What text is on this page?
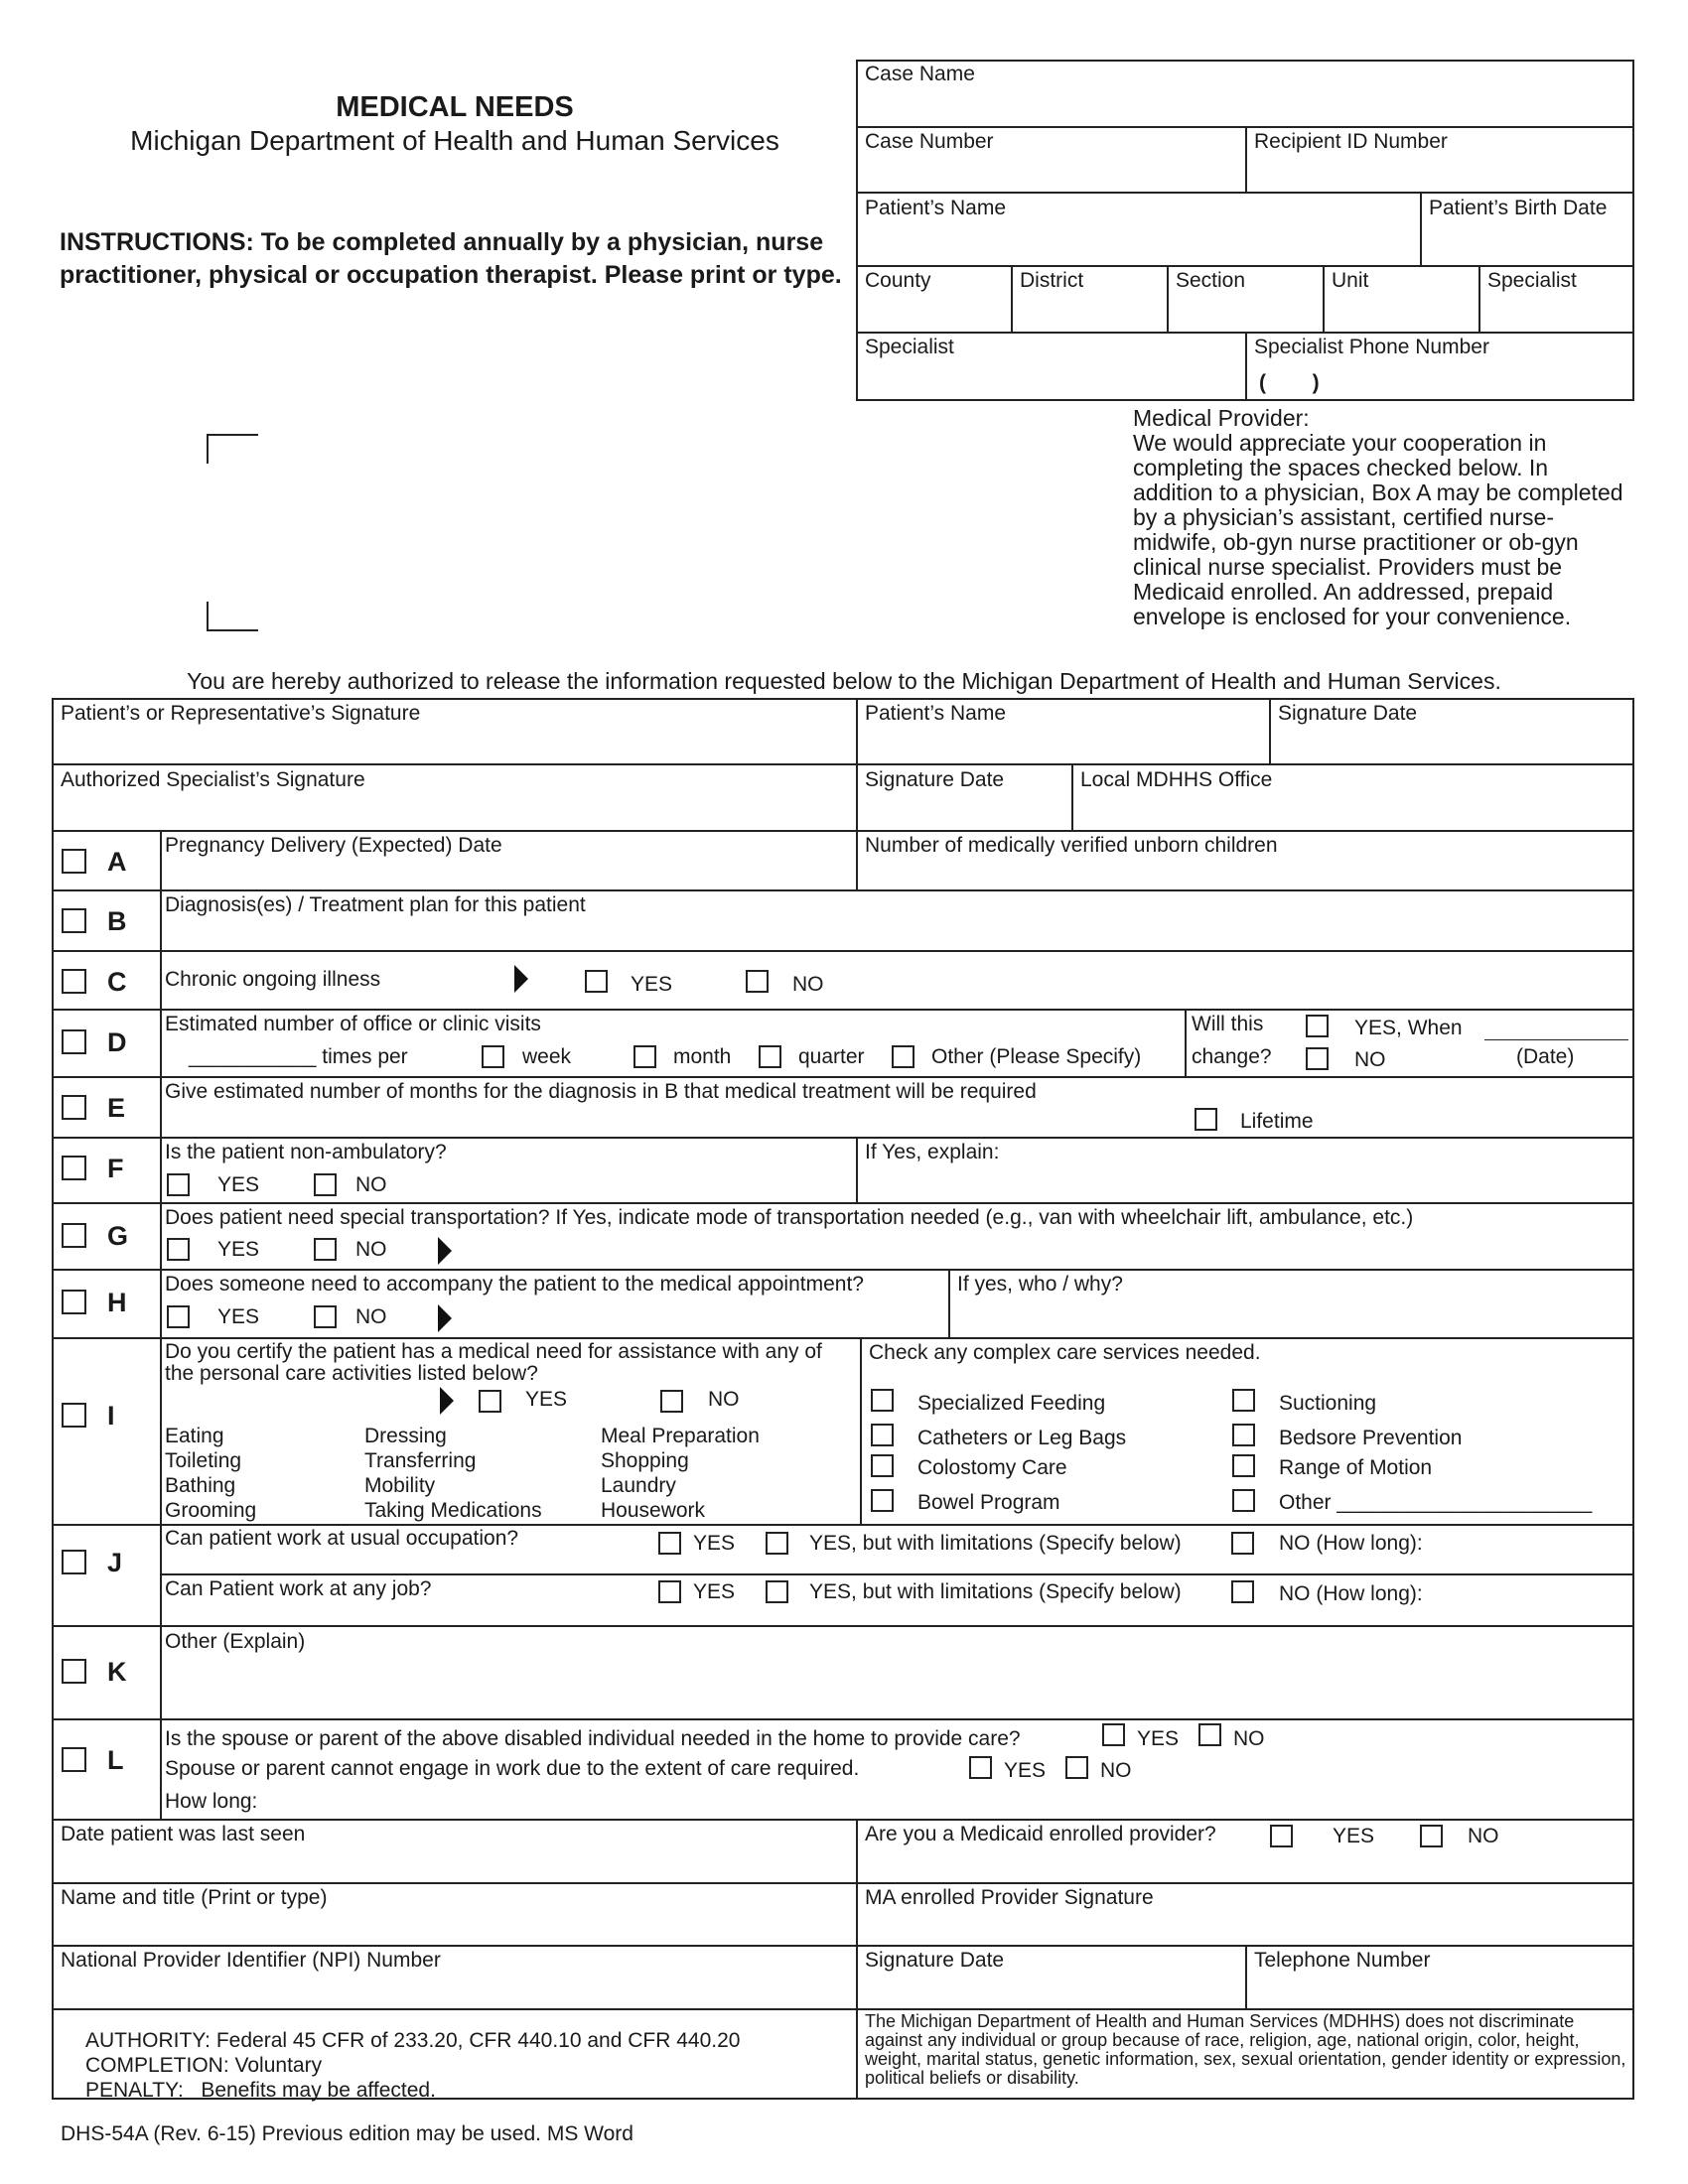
MEDICAL NEEDS
Michigan Department of Health and Human Services
INSTRUCTIONS: To be completed annually by a physician, nurse practitioner, physical or occupation therapist. Please print or type.
Case Name
Case Number	Recipient ID Number
Patient’s Name	Patient’s Birth Date
County	District	Section	Unit	Specialist
Specialist	Specialist Phone Number
(        )
Medical Provider:
We would appreciate your cooperation in completing the spaces checked below. In addition to a physician, Box A may be completed by a physician’s assistant, certified nurse-midwife, ob-gyn nurse practitioner or ob-gyn clinical nurse specialist. Providers must be Medicaid enrolled. An addressed, prepaid envelope is enclosed for your convenience.
You are hereby authorized to release the information requested below to the Michigan Department of Health and Human Services.
Patient’s or Representative’s Signature	Patient’s Name	Signature Date
Authorized Specialist’s Signature	Signature Date	Local MDHHS Office
A
Pregnancy Delivery (Expected) Date	Number of medically verified unborn children
B
Diagnosis(es) / Treatment plan for this patient
C Chronic ongoing illness	YES	NO
D
Estimated number of office or clinic visits
___________ times per	week	month	quarter	Other (Please Specify)
Will this
change?
YES, When
NO	(Date)
E
Give estimated number of months for the diagnosis in B that medical treatment will be required
Lifetime
F
Is the patient non-ambulatory?
YES	NO
If Yes, explain:
G
Does patient need special transportation? If Yes, indicate mode of transportation needed (e.g., van with wheelchair lift, ambulance, etc.)
YES	NO
H
Does someone need to accompany the patient to the medical appointment?
YES	NO
If yes, who / why?
I
Do you certify the patient has a medical need for assistance with any of the personal care activities listed below?
YES	NO
Eating	Dressing	Meal Preparation
Toileting	Transferring	Shopping
Bathing	Mobility	Laundry
Grooming	Taking Medications	Housework
Check any complex care services needed.
Specialized Feeding	Suctioning
Catheters or Leg Bags	Bedsore Prevention
Colostomy Care	Range of Motion
Bowel Program	Other ______________________
J
Can patient work at usual occupation?	YES	YES, but with limitations (Specify below)	NO (How long):
Can Patient work at any job?	YES	YES, but with limitations (Specify below)	NO (How long):
K
Other (Explain)
L
Is the spouse or parent of the above disabled individual needed in the home to provide care?	YES	NO
Spouse or parent cannot engage in work due to the extent of care required.	YES	NO
How long:
Date patient was last seen	Are you a Medicaid enrolled provider?	YES	NO
Name and title (Print or type)	MA enrolled Provider Signature
National Provider Identifier (NPI) Number	Signature Date	Telephone Number
AUTHORITY: Federal 45 CFR of 233.20, CFR 440.10 and CFR 440.20
COMPLETION: Voluntary
PENALTY:   Benefits may be affected.
The Michigan Department of Health and Human Services (MDHHS) does not discriminate against any individual or group because of race, religion, age, national origin, color, height, weight, marital status, genetic information, sex, sexual orientation, gender identity or expression, political beliefs or disability.
DHS-54A (Rev. 6-15) Previous edition may be used. MS Word
